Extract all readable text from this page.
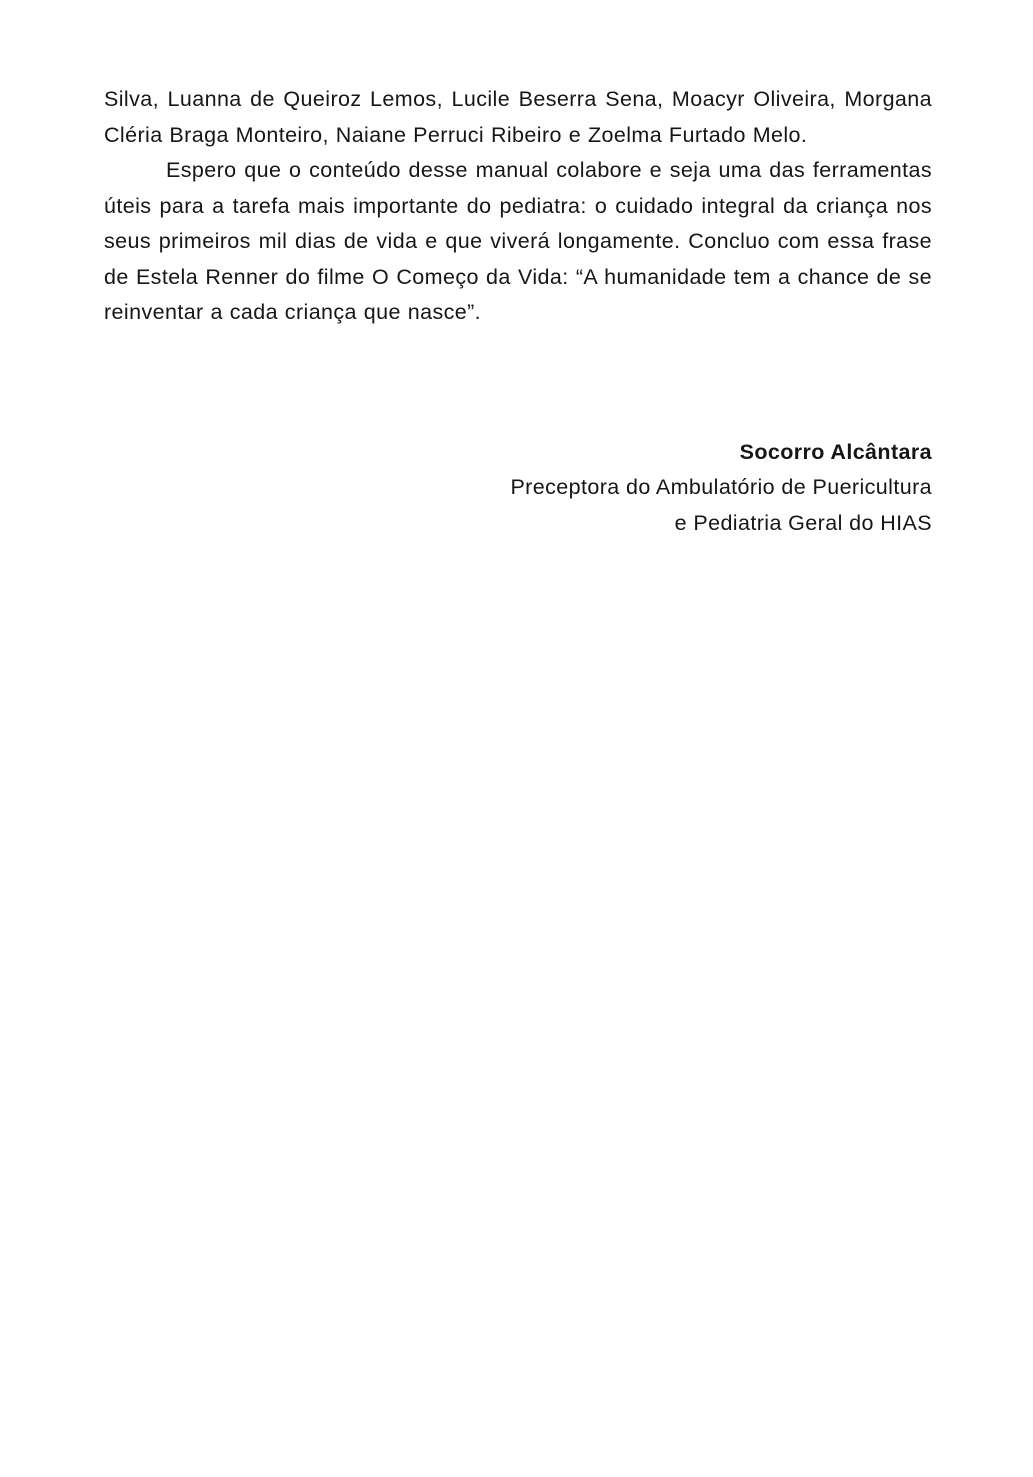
Silva, Luanna de Queiroz Lemos, Lucile Beserra Sena, Moacyr Oliveira, Morgana Cléria Braga Monteiro, Naiane Perruci Ribeiro e Zoelma Furtado Melo.

Espero que o conteúdo desse manual colabore e seja uma das ferramentas úteis para a tarefa mais importante do pediatra: o cuidado integral da criança nos seus primeiros mil dias de vida e que viverá longamente. Concluo com essa frase de Estela Renner do filme O Começo da Vida: “A humanidade tem a chance de se reinventar a cada criança que nasce”.

Socorro Alcântara
Preceptora do Ambulatório de Puericultura
e Pediatria Geral do HIAS
